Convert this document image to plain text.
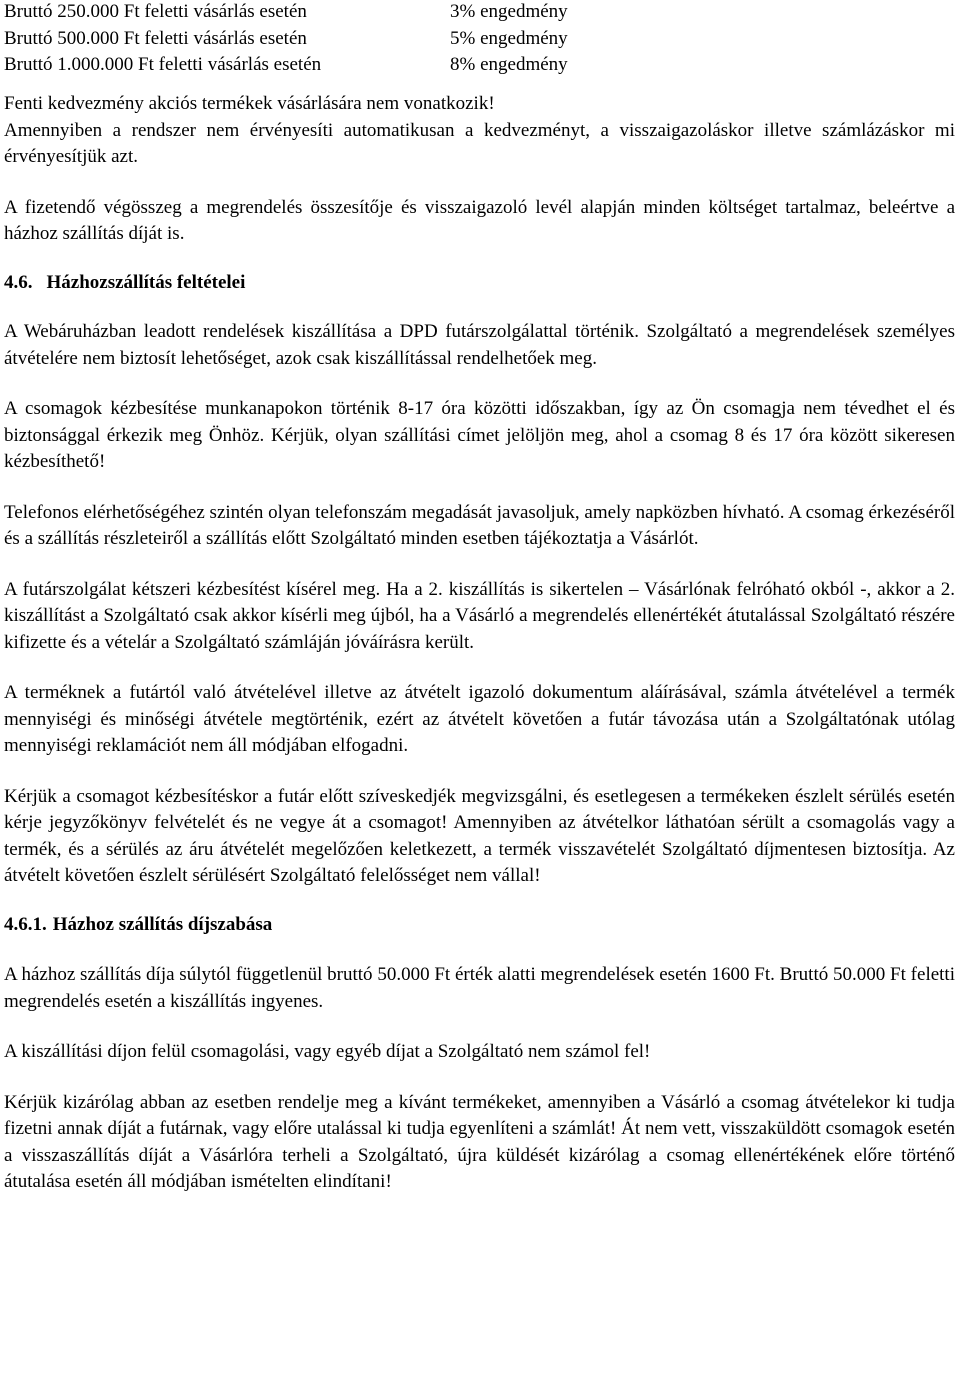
Bruttó 250.000 Ft feletti vásárlás esetén	3% engedmény
Bruttó 500.000 Ft feletti vásárlás esetén	5% engedmény
Bruttó 1.000.000 Ft feletti vásárlás esetén	8% engedmény

Fenti kedvezmény akciós termékek vásárlására nem vonatkozik!

Amennyiben a rendszer nem érvényesíti automatikusan a kedvezményt, a visszaigazoláskor illetve számlázáskor mi érvényesítjük azt.

A fizetendő végösszeg a megrendelés összesítője és visszaigazoló levél alapján minden költséget tartalmaz, beleértve a házhoz szállítás díját is.

4.6. Házhozszállítás feltételei

A Webáruházban leadott rendelések kiszállítása a DPD futárszolgálattal történik. Szolgáltató a megrendelések személyes átvételére nem biztosít lehetőséget, azok csak kiszállítással rendelhetőek meg.

A csomagok kézbesítése munkanapokon történik 8-17 óra közötti időszakban, így az Ön csomagja nem tévedhet el és biztonsággal érkezik meg Önhöz. Kérjük, olyan szállítási címet jelöljön meg, ahol a csomag 8 és 17 óra között sikeresen kézbesíthető!

Telefonos elérhetőségéhez szintén olyan telefonszám megadását javasoljuk, amely napközben hívható. A csomag érkezéséről és a szállítás részleteiről a szállítás előtt Szolgáltató minden esetben tájékoztatja a Vásárlót.

A futárszolgálat kétszeri kézbesítést kísérel meg. Ha a 2. kiszállítás is sikertelen – Vásárlónak felróható okból -, akkor a 2. kiszállítást a Szolgáltató csak akkor kísérli meg újból, ha a Vásárló a megrendelés ellenértékét átutalással Szolgáltató részére kifizette és a vételár a Szolgáltató számláján jóváírásra került.

A terméknek a futártól való átvételével illetve az átvételt igazoló dokumentum aláírásával, számla átvételével a termék mennyiségi és minőségi átvétele megtörténik, ezért az átvételt követően a futár távozása után a Szolgáltatónak utólag mennyiségi reklamációt nem áll módjában elfogadni.

Kérjük a csomagot kézbesítéskor a futár előtt szíveskedjék megvizsgálni, és esetlegesen a termékeken észlelt sérülés esetén kérje jegyzőkönyv felvételét és ne vegye át a csomagot! Amennyiben az átvételkor láthatóan sérült a csomagolás vagy a termék, és a sérülés az áru átvételét megelőzően keletkezett, a termék visszavételét Szolgáltató díjmentesen biztosítja. Az átvételt követően észlelt sérülésért Szolgáltató felelősséget nem vállal!

4.6.1. Házhoz szállítás díjszabása

A házhoz szállítás díja súlytól függetlenül bruttó 50.000 Ft érték alatti megrendelések esetén 1600 Ft. Bruttó 50.000 Ft feletti megrendelés esetén a kiszállítás ingyenes.

A kiszállítási díjon felül csomagolási, vagy egyéb díjat a Szolgáltató nem számol fel!

Kérjük kizárólag abban az esetben rendelje meg a kívánt termékeket, amennyiben a Vásárló a csomag átvételekor ki tudja fizetni annak díját a futárnak, vagy előre utalással ki tudja egyenlíteni a számlát! Át nem vett, visszaküldött csomagok esetén a visszaszállítás díját a Vásárlóra terheli a Szolgáltató, újra küldését kizárólag a csomag ellenértékének előre történő átutalása esetén áll módjában ismételten elindítani!
